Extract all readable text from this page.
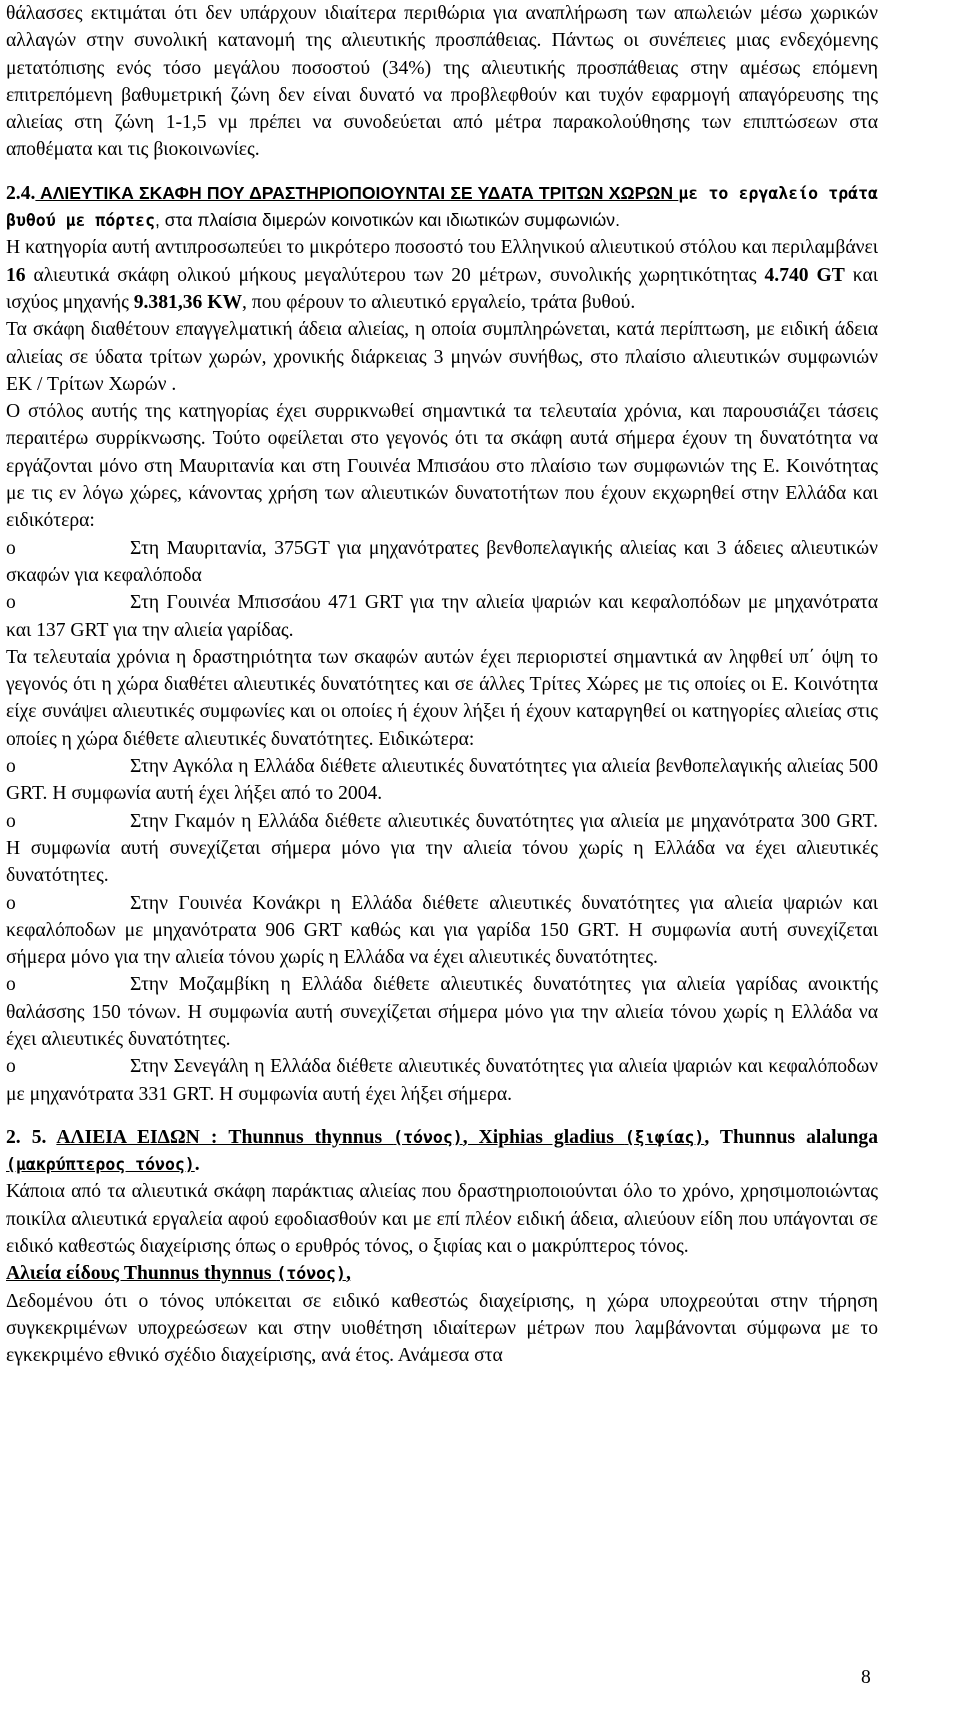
θάλασσες εκτιμάται ότι δεν υπάρχουν ιδιαίτερα περιθώρια για αναπλήρωση των απωλειών μέσω χωρικών αλλαγών στην συνολική κατανομή της αλιευτικής προσπάθειας. Πάντως οι συνέπειες μιας ενδεχόμενης μετατόπισης ενός τόσο μεγάλου ποσοστού (34%) της αλιευτικής προσπάθειας στην αμέσως επόμενη επιτρεπόμενη βαθυμετρική ζώνη δεν είναι δυνατό να προβλεφθούν και τυχόν εφαρμογή απαγόρευσης της αλιείας στη ζώνη 1-1,5 νμ πρέπει να συνοδεύεται από μέτρα παρακολούθησης των επιπτώσεων στα αποθέματα και τις βιοκοινωνίες.

2.4. ΑΛΙΕΥΤΙΚΑ ΣΚΑΦΗ ΠΟΥ ΔΡΑΣΤΗΡΙΟΠΟΙΟΥΝΤΑΙ ΣΕ ΥΔΑΤΑ ΤΡΙΤΩΝ ΧΩΡΩΝ με το εργαλείο τράτα βυθού με πόρτες, στα πλαίσια διμερών κοινοτικών και ιδιωτικών συμφωνιών.

Η κατηγορία αυτή αντιπροσωπεύει το μικρότερο ποσοστό του Ελληνικού αλιευτικού στόλου και περιλαμβάνει 16 αλιευτικά σκάφη ολικού μήκους μεγαλύτερου των 20 μέτρων, συνολικής χωρητικότητας 4.740 GT και ισχύος μηχανής 9.381,36 KW, που φέρουν το αλιευτικό εργαλείο, τράτα βυθού.

Τα σκάφη διαθέτουν επαγγελματική άδεια αλιείας, η οποία συμπληρώνεται, κατά περίπτωση, με ειδική άδεια αλιείας σε ύδατα τρίτων χωρών, χρονικής διάρκειας 3 μηνών συνήθως, στο πλαίσιο αλιευτικών συμφωνιών ΕΚ / Τρίτων Χωρών .

Ο στόλος αυτής της κατηγορίας έχει συρρικνωθεί σημαντικά τα τελευταία χρόνια, και παρουσιάζει τάσεις περαιτέρω συρρίκνωσης. Τούτο οφείλεται στο γεγονός ότι τα σκάφη αυτά σήμερα έχουν τη δυνατότητα να εργάζονται μόνο στη Μαυριτανία και στη Γουινέα Μπισάου στο πλαίσιο των συμφωνιών της Ε. Κοινότητας με τις εν λόγω χώρες, κάνοντας χρήση των αλιευτικών δυνατοτήτων που έχουν εκχωρηθεί στην Ελλάδα και ειδικότερα:

o	Στη Μαυριτανία, 375GT για μηχανότρατες βενθοπελαγικής αλιείας και 3 άδειες αλιευτικών σκαφών για κεφαλόποδα

o	Στη Γουινέα Μπισσάου 471 GRT για την αλιεία ψαριών και κεφαλοπόδων με μηχανότρατα και 137 GRT για την αλιεία γαρίδας.

Τα τελευταία χρόνια η δραστηριότητα των σκαφών αυτών έχει περιοριστεί σημαντικά αν ληφθεί υπ΄ όψη το γεγονός ότι η χώρα διαθέτει αλιευτικές δυνατότητες και σε άλλες Τρίτες Χώρες με τις οποίες οι Ε. Κοινότητα είχε συνάψει αλιευτικές συμφωνίες και οι οποίες ή έχουν λήξει ή έχουν καταργηθεί οι κατηγορίες αλιείας στις οποίες η χώρα διέθετε αλιευτικές δυνατότητες. Ειδικώτερα:

o	Στην Αγκόλα η Ελλάδα διέθετε αλιευτικές δυνατότητες για αλιεία βενθοπελαγικής αλιείας 500 GRT. Η συμφωνία αυτή έχει λήξει από το 2004.

o	Στην Γκαμόν η Ελλάδα διέθετε αλιευτικές δυνατότητες για αλιεία με μηχανότρατα 300 GRT. Η συμφωνία αυτή συνεχίζεται σήμερα μόνο για την αλιεία τόνου χωρίς η Ελλάδα να έχει αλιευτικές δυνατότητες.

o	Στην Γουινέα Κονάκρι η Ελλάδα διέθετε αλιευτικές δυνατότητες για αλιεία ψαριών και κεφαλόποδων με μηχανότρατα 906 GRT καθώς και για γαρίδα 150 GRT. Η συμφωνία αυτή συνεχίζεται σήμερα μόνο για την αλιεία τόνου χωρίς η Ελλάδα να έχει αλιευτικές δυνατότητες.

o	Στην Μοζαμβίκη η Ελλάδα διέθετε αλιευτικές δυνατότητες για αλιεία γαρίδας ανοικτής θαλάσσης 150 τόνων. Η συμφωνία αυτή συνεχίζεται σήμερα μόνο για την αλιεία τόνου χωρίς η Ελλάδα να έχει αλιευτικές δυνατότητες.

o	Στην Σενεγάλη η Ελλάδα διέθετε αλιευτικές δυνατότητες για αλιεία ψαριών και κεφαλόποδων με μηχανότρατα 331 GRT. Η συμφωνία αυτή έχει λήξει σήμερα.

2. 5. ΑΛΙΕΙΑ ΕΙΔΩΝ : Thunnus thynnus (τόνος), Xiphias gladius (ξιφίας), Thunnus alalunga (μακρύπτερος τόνος).

Κάποια από τα αλιευτικά σκάφη παράκτιας αλιείας που δραστηριοποιούνται όλο το χρόνο, χρησιμοποιώντας ποικίλα αλιευτικά εργαλεία αφού εφοδιασθούν και με επί πλέον ειδική άδεια, αλιεύουν είδη που υπάγονται σε ειδικό καθεστώς διαχείρισης όπως ο ερυθρός τόνος, ο ξιφίας και ο μακρύπτερος τόνος.

Αλιεία είδους Thunnus thynnus (τόνος),

Δεδομένου ότι ο τόνος υπόκειται σε ειδικό καθεστώς διαχείρισης, η χώρα υποχρεούται στην τήρηση συγκεκριμένων υποχρεώσεων και στην υιοθέτηση ιδιαίτερων μέτρων που λαμβάνονται σύμφωνα με το εγκεκριμένο εθνικό σχέδιο διαχείρισης, ανά έτος. Ανάμεσα στα

8
